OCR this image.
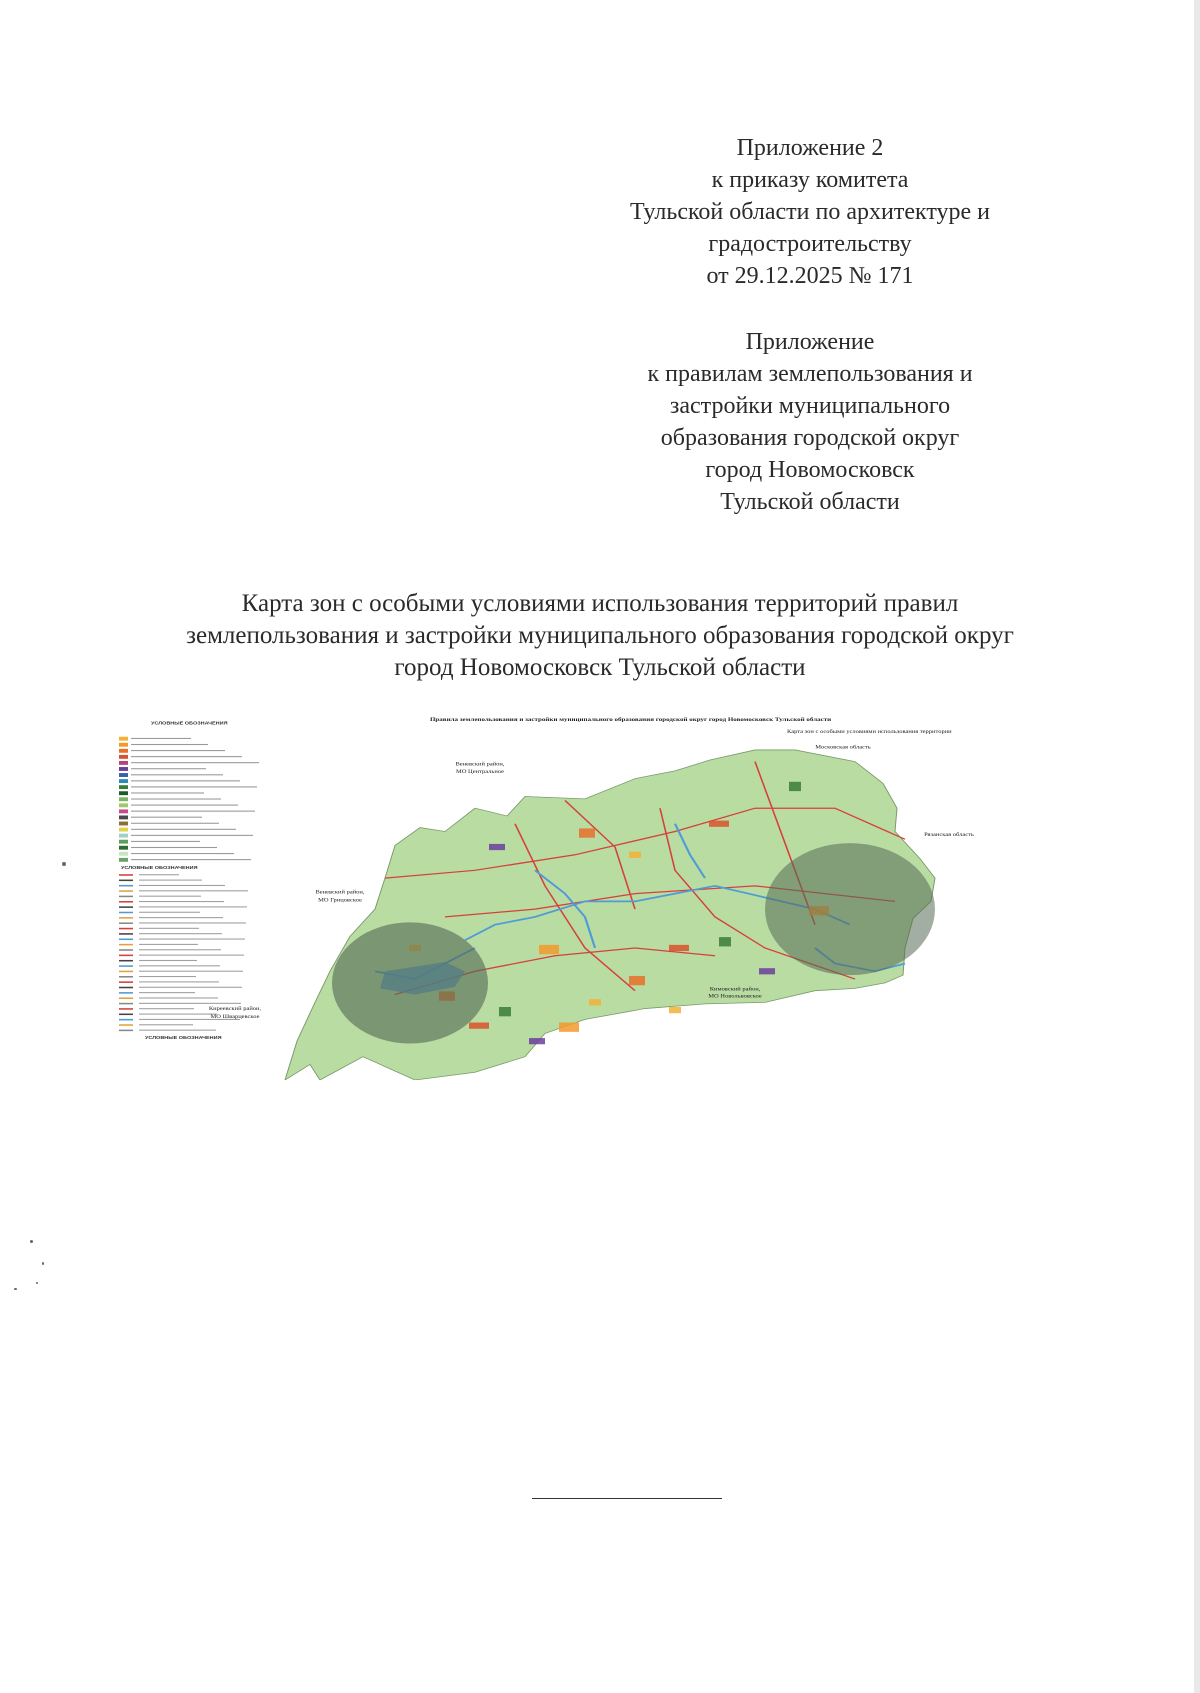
Приложение 2
к приказу комитета
Тульской области по архитектуре и
градостроительству
от 29.12.2025 № 171
Приложение
к правилам землепользования и
застройки муниципального
образования городской округ
город Новомосковск
Тульской области
Карта зон с особыми условиями использования территорий правил
землепользования и застройки муниципального образования городской округ
город Новомосковск Тульской области
УСЛОВНЫЕ ОБОЗНАЧЕНИЯ
УСЛОВНЫЕ ОБОЗНАЧЕНИЯ
УСЛОВНЫЕ ОБОЗНАЧЕНИЯ
Правила землепользования и застройки муниципального образования городской округ город Новомосковск Тульской области
Карта зон с особыми условиями использования территории
Веневский район,
МО Центральное
Московская область
Рязанская область
Веневский район,
МО Грицовское
Киреевский район,
МО Шварцевское
Кимовский район,
МО Новольвовское
